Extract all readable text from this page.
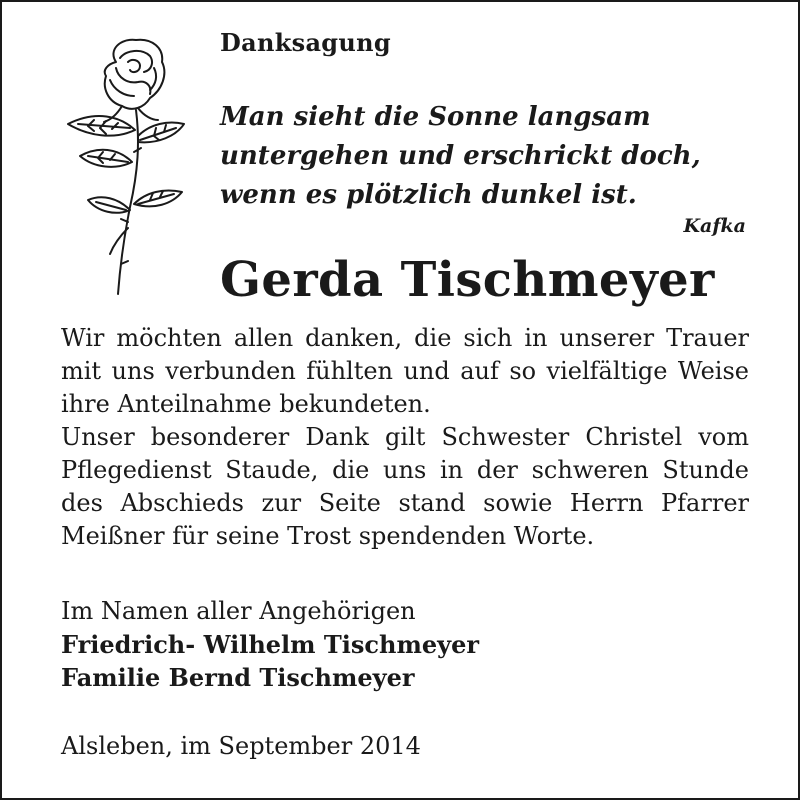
Danksagung
Man sieht die Sonne langsam
untergehen und erschrickt doch,
wenn es plötzlich dunkel ist.
Kafka
Gerda Tischmeyer
Wir möchten allen danken, die sich in unserer Trauer mit uns verbunden fühlten und auf so vielfältige Weise ihre Anteilnahme bekundeten.
Unser besonderer Dank gilt Schwester Christel vom Pflegedienst Staude, die uns in der schweren Stunde des Abschieds zur Seite stand sowie Herrn Pfarrer Meißner für seine Trost spendenden Worte.
Im Namen aller Angehörigen
Friedrich- Wilhelm Tischmeyer
Familie Bernd Tischmeyer
Alsleben, im September 2014
